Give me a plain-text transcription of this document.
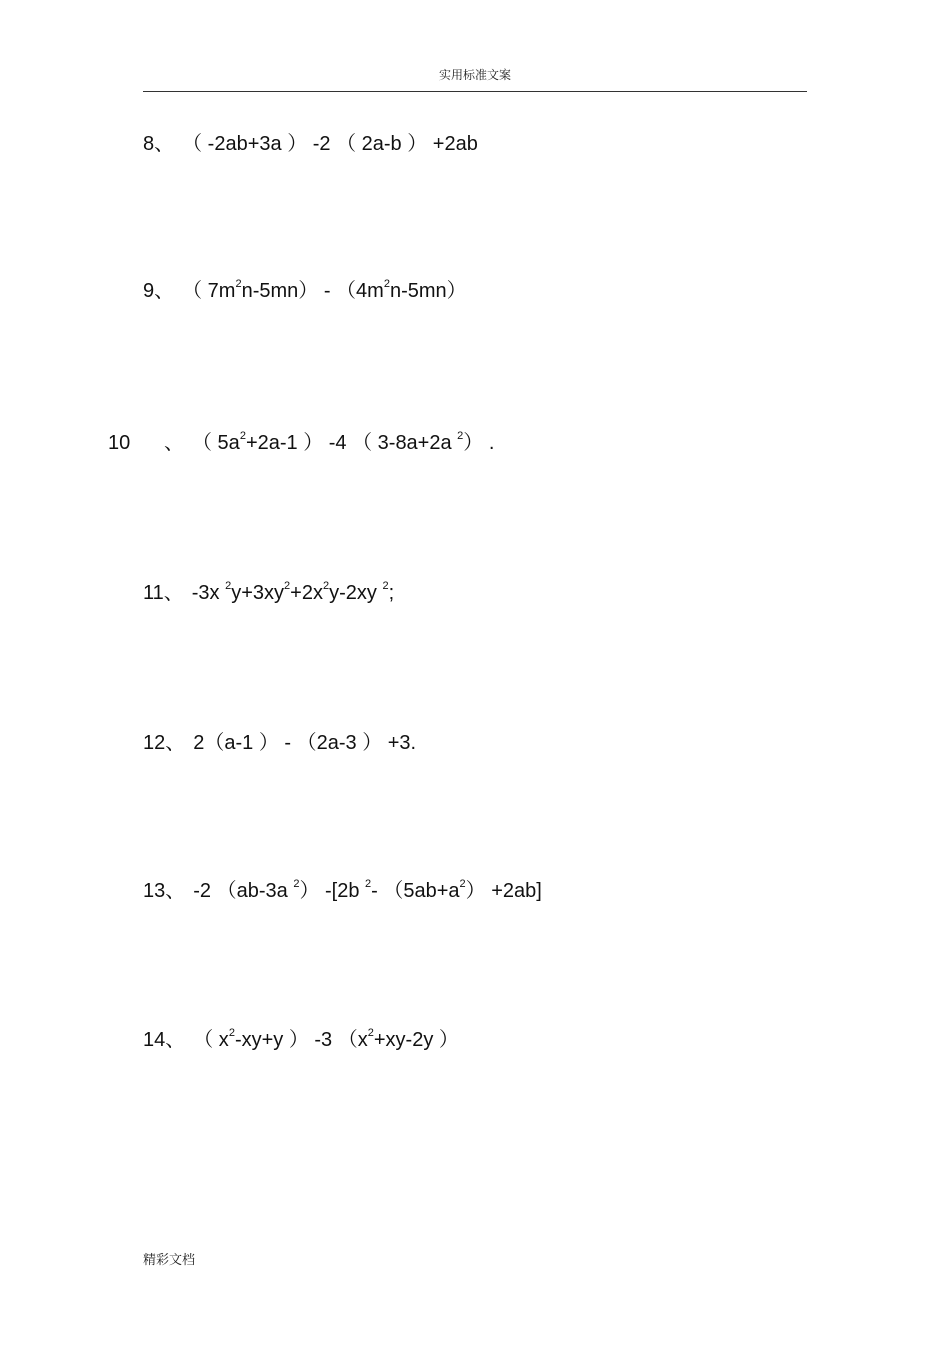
实用标准文案
8、 （ -2ab+3a ） -2 （ 2a-b ） +2ab
9、 （ $7m^2n-5mn) - (4m^2n-5mn)$
10 、 （ $5a^2+2a-1$ ） -4 （ 3-8a+2a $^2$） .
11、 -3x $^2y+3xy^2+2x^2y-2xy$ $^2$;
12、 2（a-1 ） - （2a-3 ） +3.
13、 -2 （ab-3a $^2$） -[2b $^2$- $(5ab+a^2) +2ab$]
14、 （ $x^2-xy+y$ ） -3 （$x^2+xy-2y$ ）
精彩文档
